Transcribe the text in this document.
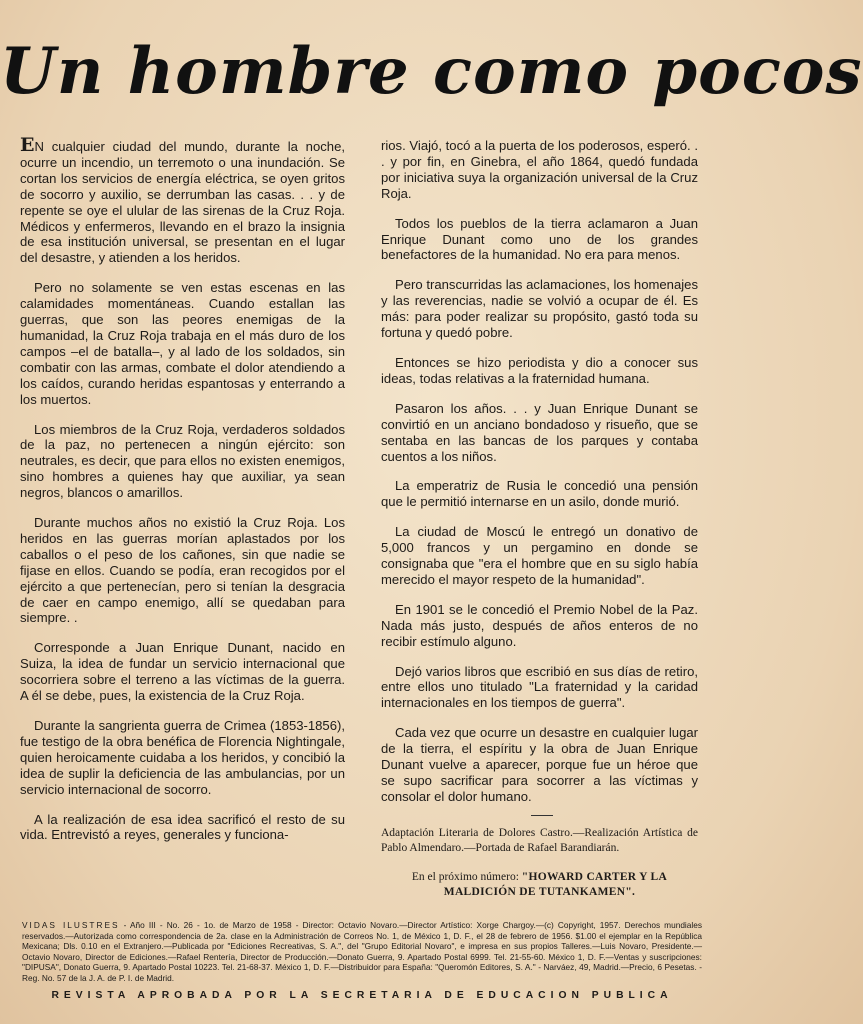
Un hombre como pocos

EN cualquier ciudad del mundo, durante la noche, ocurre un incendio, un terremoto o una inundación. Se cortan los servicios de energía eléctrica, se oyen gritos de socorro y auxilio, se derrumban las casas. . . y de repente se oye el ulular de las sirenas de la Cruz Roja. Médicos y enfermeros, llevando en el brazo la insignia de esa institución universal, se presentan en el lugar del desastre, y atienden a los heridos.

Pero no solamente se ven estas escenas en las calamidades momentáneas. Cuando estallan las guerras, que son las peores enemigas de la humanidad, la Cruz Roja trabaja en el más duro de los campos –el de batalla–, y al lado de los soldados, sin combatir con las armas, combate el dolor atendiendo a los caídos, curando heridas espantosas y enterrando a los muertos.

Los miembros de la Cruz Roja, verdaderos soldados de la paz, no pertenecen a ningún ejército: son neutrales, es decir, que para ellos no existen enemigos, sino hombres a quienes hay que auxiliar, ya sean negros, blancos o amarillos.

Durante muchos años no existió la Cruz Roja. Los heridos en las guerras morían aplastados por los caballos o el peso de los cañones, sin que nadie se fijase en ellos. Cuando se podía, eran recogidos por el ejército a que pertenecían, pero si tenían la desgracia de caer en campo enemigo, allí se quedaban para siempre. .

Corresponde a Juan Enrique Dunant, nacido en Suiza, la idea de fundar un servicio internacional que socorriera sobre el terreno a las víctimas de la guerra. A él se debe, pues, la existencia de la Cruz Roja.

Durante la sangrienta guerra de Crimea (1853-1856), fue testigo de la obra benéfica de Florencia Nightingale, quien heroicamente cuidaba a los heridos, y concibió la idea de suplir la deficiencia de las ambulancias, por un servicio internacional de socorro.

A la realización de esa idea sacrificó el resto de su vida. Entrevistó a reyes, generales y funciona-

rios. Viajó, tocó a la puerta de los poderosos, esperó. . . y por fin, en Ginebra, el año 1864, quedó fundada por iniciativa suya la organización universal de la Cruz Roja.

Todos los pueblos de la tierra aclamaron a Juan Enrique Dunant como uno de los grandes benefactores de la humanidad. No era para menos.

Pero transcurridas las aclamaciones, los homenajes y las reverencias, nadie se volvió a ocupar de él. Es más: para poder realizar su propósito, gastó toda su fortuna y quedó pobre.

Entonces se hizo periodista y dio a conocer sus ideas, todas relativas a la fraternidad humana.

Pasaron los años. . . y Juan Enrique Dunant se convirtió en un anciano bondadoso y risueño, que se sentaba en las bancas de los parques y contaba cuentos a los niños.

La emperatriz de Rusia le concedió una pensión que le permitió internarse en un asilo, donde murió.

La ciudad de Moscú le entregó un donativo de 5,000 francos y un pergamino en donde se consignaba que "era el hombre que en su siglo había merecido el mayor respeto de la humanidad".

En 1901 se le concedió el Premio Nobel de la Paz. Nada más justo, después de años enteros de no recibir estímulo alguno.

Dejó varios libros que escribió en sus días de retiro, entre ellos uno titulado "La fraternidad y la caridad internacionales en los tiempos de guerra".

Cada vez que ocurre un desastre en cualquier lugar de la tierra, el espíritu y la obra de Juan Enrique Dunant vuelve a aparecer, porque fue un héroe que se supo sacrificar para socorrer a las víctimas y consolar el dolor humano.

Adaptación Literaria de Dolores Castro.—Realización Artística de Pablo Almendaro.—Portada de Rafael Barandiarán.

En el próximo número: "HOWARD CARTER Y LA MALDICIÓN DE TUTANKAMEN".

VIDAS ILUSTRES - Año III - No. 26 - 1o. de Marzo de 1958 - Director: Octavio Novaro.—Director Artístico: Xorge Chargoy.—(c) Copyright, 1957. Derechos mundiales reservados.—Autorizada como correspondencia de 2a. clase en la Administración de Correos No. 1, de México 1, D. F., el 28 de febrero de 1956. $1.00 el ejemplar en la República Mexicana; Dls. 0.10 en el Extranjero.—Publicada por "Ediciones Recreativas, S. A.", del "Grupo Editorial Novaro", e impresa en sus propios Talleres.—Luis Novaro, Presidente.—Octavio Novaro, Director de Ediciones.—Rafael Rentería, Director de Producción.—Donato Guerra, 9. Apartado Postal 6999. Tel. 21-55-60. México 1, D. F.—Ventas y suscripciones: "DIPUSA", Donato Guerra, 9. Apartado Postal 10223. Tel. 21-68-37. México 1, D. F.—Distribuidor para España: "Queromón Editores, S. A." - Narváez, 49, Madrid.—Precio, 6 Pesetas. - Reg. No. 57 de la J. A. de P. I. de Madrid.
REVISTA APROBADA POR LA SECRETARIA DE EDUCACION PUBLICA
